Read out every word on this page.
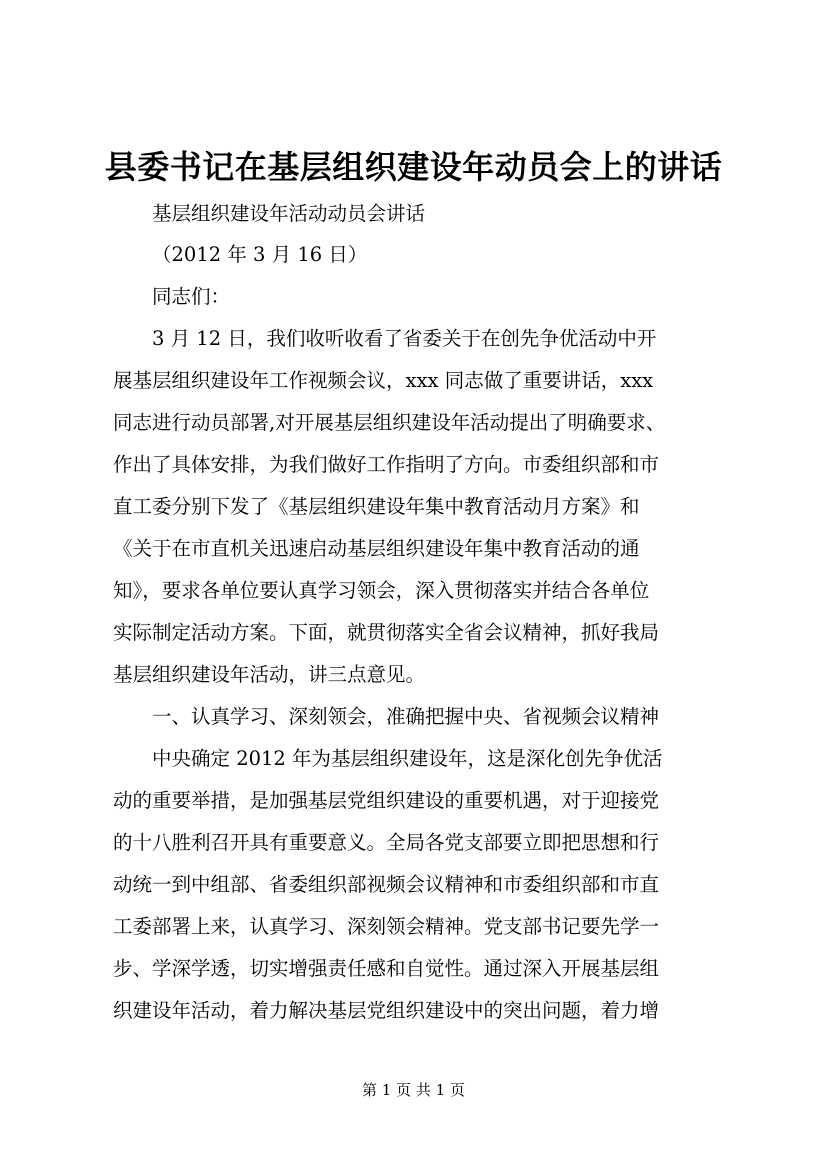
县委书记在基层组织建设年动员会上的讲话
基层组织建设年活动动员会讲话
（2012 年 3 月 16 日）
同志们：
3 月 12 日，我们收听收看了省委关于在创先争优活动中开
展基层组织建设年工作视频会议，xxx 同志做了重要讲话，xxx
同志进行动员部署,对开展基层组织建设年活动提出了明确要求、
作出了具体安排，为我们做好工作指明了方向。市委组织部和市
直工委分别下发了《基层组织建设年集中教育活动月方案》和
《关于在市直机关迅速启动基层组织建设年集中教育活动的通
知》，要求各单位要认真学习领会，深入贯彻落实并结合各单位
实际制定活动方案。下面，就贯彻落实全省会议精神，抓好我局
基层组织建设年活动，讲三点意见。
一、认真学习、深刻领会，准确把握中央、省视频会议精神
中央确定 2012 年为基层组织建设年，这是深化创先争优活
动的重要举措，是加强基层党组织建设的重要机遇，对于迎接党
的十八胜利召开具有重要意义。全局各党支部要立即把思想和行
动统一到中组部、省委组织部视频会议精神和市委组织部和市直
工委部署上来，认真学习、深刻领会精神。党支部书记要先学一
步、学深学透，切实增强责任感和自觉性。通过深入开展基层组
织建设年活动，着力解决基层党组织建设中的突出问题，着力增
第 1 页 共 1 页
